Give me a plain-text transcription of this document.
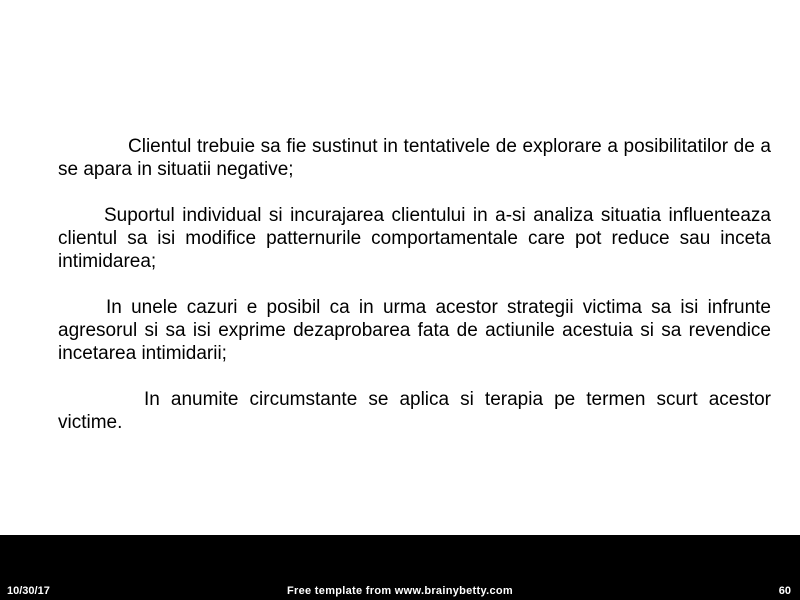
Clientul trebuie sa fie sustinut in tentativele de explorare a posibilitatilor de a se apara in situatii negative;

Suportul individual si incurajarea clientului in a-si analiza situatia influenteaza clientul sa isi modifice patternurile comportamentale care pot reduce sau inceta intimidarea;

In unele cazuri e posibil ca in urma acestor strategii victima sa isi infrunte agresorul si sa isi exprime dezaprobarea fata de actiunile acestuia si sa revendice incetarea intimidarii;

In anumite circumstante se aplica si terapia pe termen scurt acestor victime.

Free template from www.brainybetty.com
10/30/17	60
